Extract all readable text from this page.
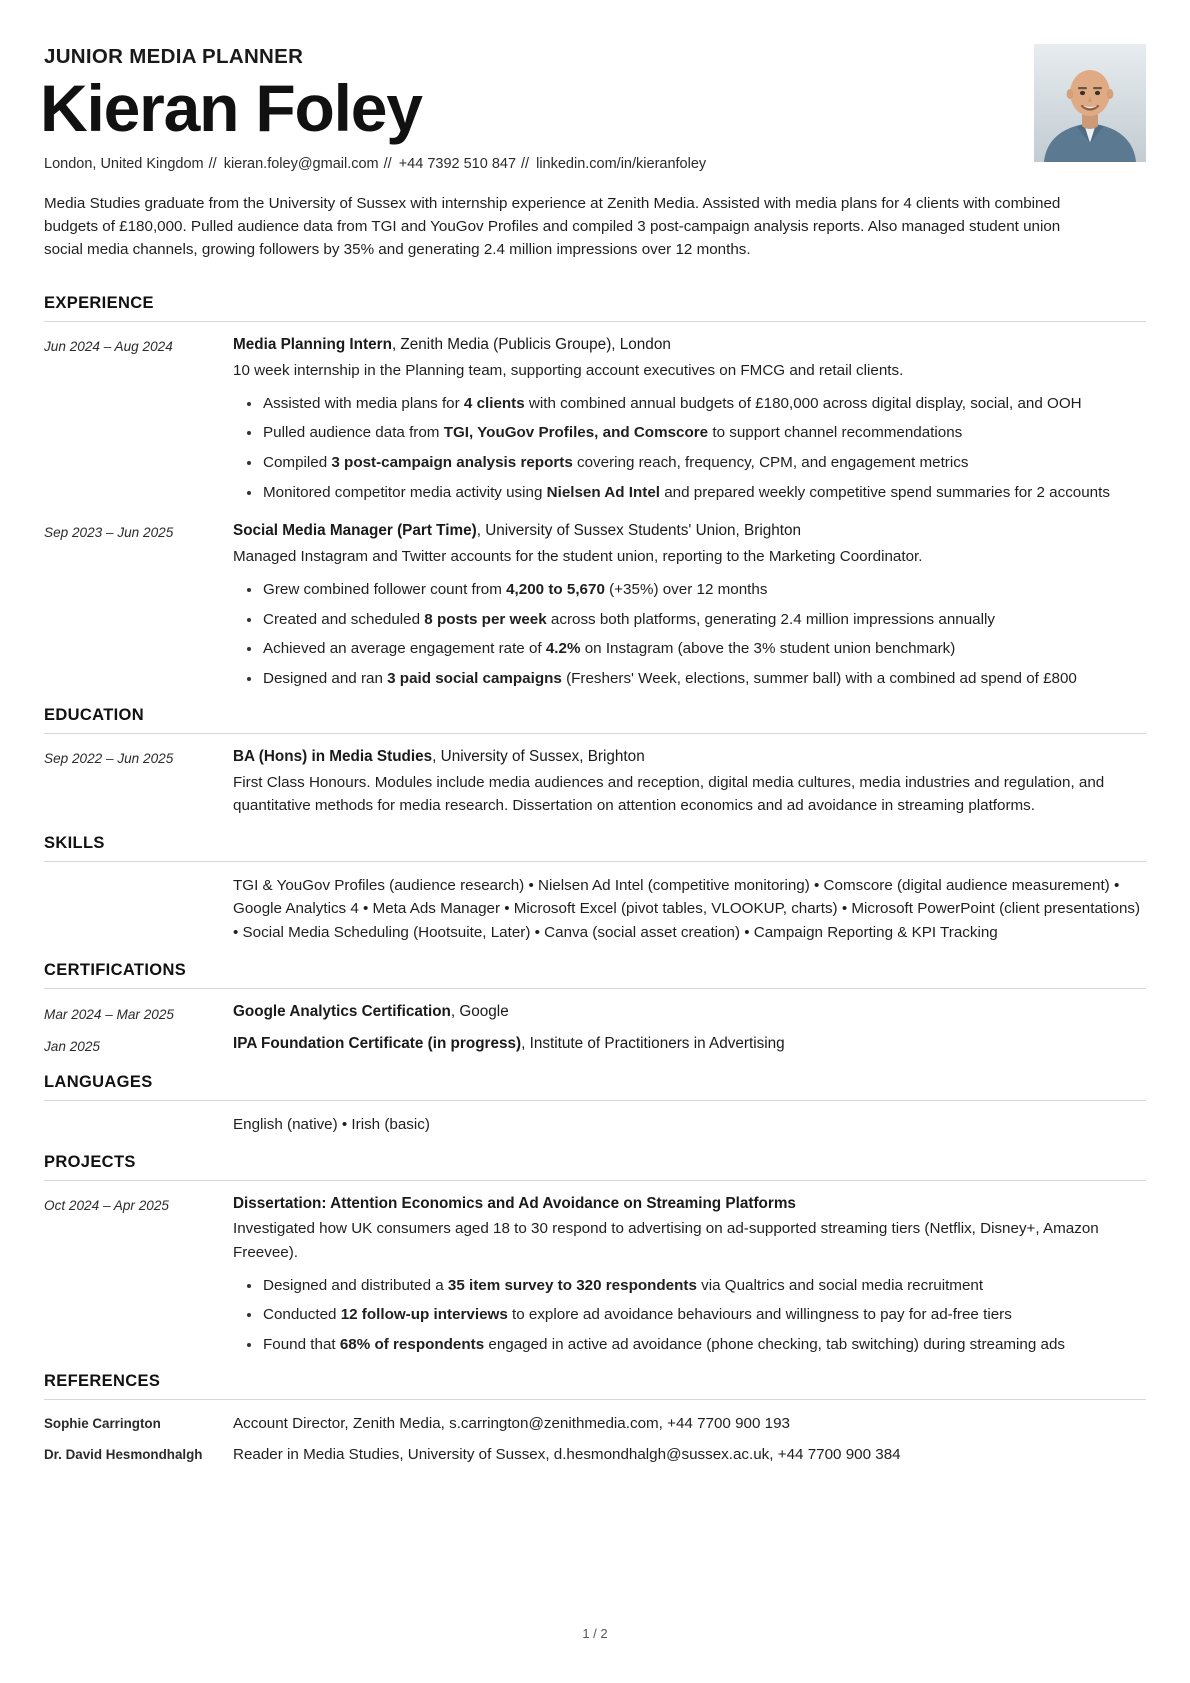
JUNIOR MEDIA PLANNER
Kieran Foley
London, United Kingdom // kieran.foley@gmail.com // +44 7392 510 847 // linkedin.com/in/kieranfoley
Media Studies graduate from the University of Sussex with internship experience at Zenith Media. Assisted with media plans for 4 clients with combined budgets of £180,000. Pulled audience data from TGI and YouGov Profiles and compiled 3 post-campaign analysis reports. Also managed student union social media channels, growing followers by 35% and generating 2.4 million impressions over 12 months.
EXPERIENCE
Jun 2024 – Aug 2024	Media Planning Intern, Zenith Media (Publicis Groupe), London
10 week internship in the Planning team, supporting account executives on FMCG and retail clients.
Assisted with media plans for 4 clients with combined annual budgets of £180,000 across digital display, social, and OOH
Pulled audience data from TGI, YouGov Profiles, and Comscore to support channel recommendations
Compiled 3 post-campaign analysis reports covering reach, frequency, CPM, and engagement metrics
Monitored competitor media activity using Nielsen Ad Intel and prepared weekly competitive spend summaries for 2 accounts
Sep 2023 – Jun 2025	Social Media Manager (Part Time), University of Sussex Students' Union, Brighton
Managed Instagram and Twitter accounts for the student union, reporting to the Marketing Coordinator.
Grew combined follower count from 4,200 to 5,670 (+35%) over 12 months
Created and scheduled 8 posts per week across both platforms, generating 2.4 million impressions annually
Achieved an average engagement rate of 4.2% on Instagram (above the 3% student union benchmark)
Designed and ran 3 paid social campaigns (Freshers' Week, elections, summer ball) with a combined ad spend of £800
EDUCATION
Sep 2022 – Jun 2025	BA (Hons) in Media Studies, University of Sussex, Brighton
First Class Honours. Modules include media audiences and reception, digital media cultures, media industries and regulation, and quantitative methods for media research. Dissertation on attention economics and ad avoidance in streaming platforms.
SKILLS
TGI & YouGov Profiles (audience research) • Nielsen Ad Intel (competitive monitoring) • Comscore (digital audience measurement) • Google Analytics 4 • Meta Ads Manager • Microsoft Excel (pivot tables, VLOOKUP, charts) • Microsoft PowerPoint (client presentations) • Social Media Scheduling (Hootsuite, Later) • Canva (social asset creation) • Campaign Reporting & KPI Tracking
CERTIFICATIONS
Mar 2024 – Mar 2025	Google Analytics Certification, Google
Jan 2025	IPA Foundation Certificate (in progress), Institute of Practitioners in Advertising
LANGUAGES
English (native) • Irish (basic)
PROJECTS
Oct 2024 – Apr 2025	Dissertation: Attention Economics and Ad Avoidance on Streaming Platforms
Investigated how UK consumers aged 18 to 30 respond to advertising on ad-supported streaming tiers (Netflix, Disney+, Amazon Freevee).
Designed and distributed a 35 item survey to 320 respondents via Qualtrics and social media recruitment
Conducted 12 follow-up interviews to explore ad avoidance behaviours and willingness to pay for ad-free tiers
Found that 68% of respondents engaged in active ad avoidance (phone checking, tab switching) during streaming ads
REFERENCES
Sophie Carrington	Account Director, Zenith Media, s.carrington@zenithmedia.com, +44 7700 900 193
Dr. David Hesmondhalgh	Reader in Media Studies, University of Sussex, d.hesmondhalgh@sussex.ac.uk, +44 7700 900 384
1 / 2
